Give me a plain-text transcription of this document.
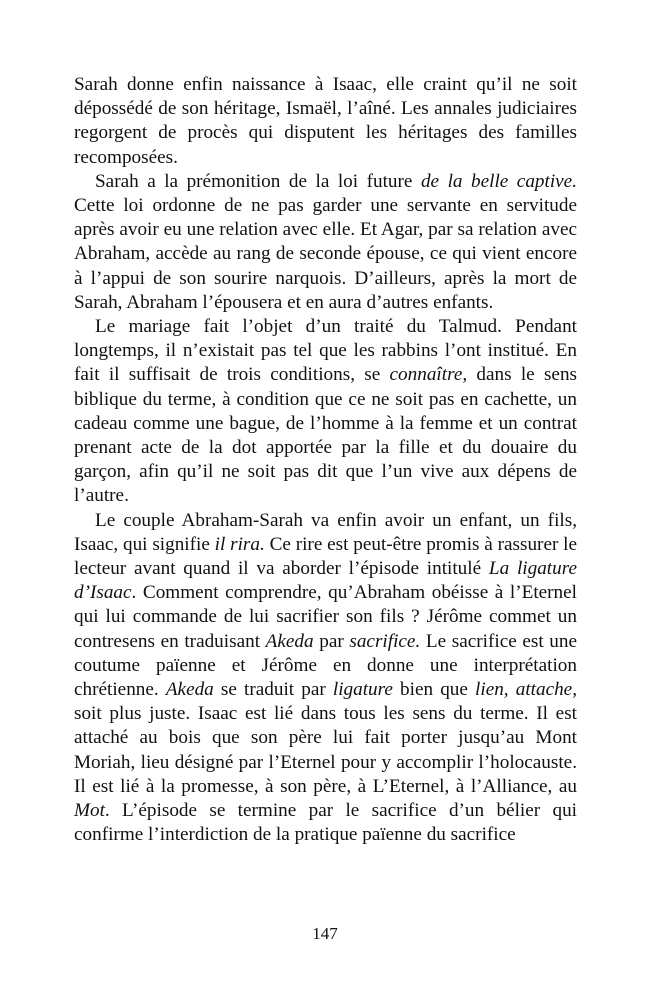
Sarah donne enfin naissance à Isaac, elle craint qu’il ne soit dépossédé de son héritage, Ismaël, l’aîné. Les annales judiciaires regorgent de procès qui disputent les héritages des familles recomposées.

Sarah a la prémonition de la loi future de la belle captive. Cette loi ordonne de ne pas garder une servante en servitude après avoir eu une relation avec elle. Et Agar, par sa relation avec Abraham, accède au rang de seconde épouse, ce qui vient encore à l’appui de son sourire narquois. D’ailleurs, après la mort de Sarah, Abraham l’épousera et en aura d’autres enfants.

Le mariage fait l’objet d’un traité du Talmud. Pendant longtemps, il n’existait pas tel que les rabbins l’ont institué. En fait il suffisait de trois conditions, se connaître, dans le sens biblique du terme, à condition que ce ne soit pas en cachette, un cadeau comme une bague, de l’homme à la femme et un contrat prenant acte de la dot apportée par la fille et du douaire du garçon, afin qu’il ne soit pas dit que l’un vive aux dépens de l’autre.

Le couple Abraham-Sarah va enfin avoir un enfant, un fils, Isaac, qui signifie il rira. Ce rire est peut-être promis à rassurer le lecteur avant quand il va aborder l’épisode intitulé La ligature d’Isaac. Comment comprendre, qu’Abraham obéisse à l’Eternel qui lui commande de lui sacrifier son fils ? Jérôme commet un contresens en traduisant Akeda par sacrifice. Le sacrifice est une coutume païenne et Jérôme en donne une interprétation chrétienne. Akeda se traduit par ligature bien que lien, attache, soit plus juste. Isaac est lié dans tous les sens du terme. Il est attaché au bois que son père lui fait porter jusqu’au Mont Moriah, lieu désigné par l’Eternel pour y accomplir l’holocauste. Il est lié à la promesse, à son père, à L’Eternel, à l’Alliance, au Mot. L’épisode se termine par le sacrifice d’un bélier qui confirme l’interdiction de la pratique païenne du sacrifice

147
